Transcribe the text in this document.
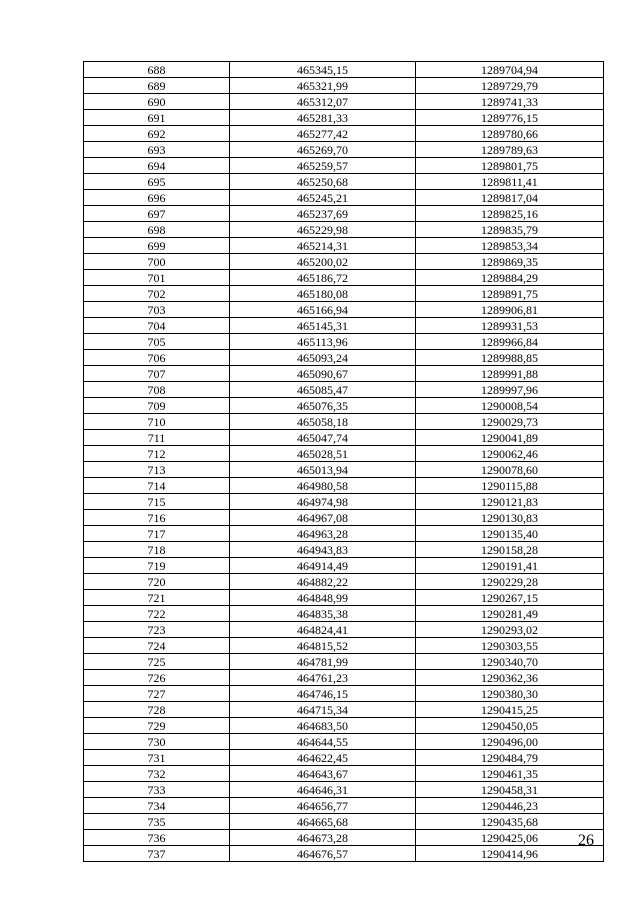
688	465345,15	1289704,94
689	465321,99	1289729,79
690	465312,07	1289741,33
691	465281,33	1289776,15
692	465277,42	1289780,66
693	465269,70	1289789,63
694	465259,57	1289801,75
695	465250,68	1289811,41
696	465245,21	1289817,04
697	465237,69	1289825,16
698	465229,98	1289835,79
699	465214,31	1289853,34
700	465200,02	1289869,35
701	465186,72	1289884,29
702	465180,08	1289891,75
703	465166,94	1289906,81
704	465145,31	1289931,53
705	465113,96	1289966,84
706	465093,24	1289988,85
707	465090,67	1289991,88
708	465085,47	1289997,96
709	465076,35	1290008,54
710	465058,18	1290029,73
711	465047,74	1290041,89
712	465028,51	1290062,46
713	465013,94	1290078,60
714	464980,58	1290115,88
715	464974,98	1290121,83
716	464967,08	1290130,83
717	464963,28	1290135,40
718	464943,83	1290158,28
719	464914,49	1290191,41
720	464882,22	1290229,28
721	464848,99	1290267,15
722	464835,38	1290281,49
723	464824,41	1290293,02
724	464815,52	1290303,55
725	464781,99	1290340,70
726	464761,23	1290362,36
727	464746,15	1290380,30
728	464715,34	1290415,25
729	464683,50	1290450,05
730	464644,55	1290496,00
731	464622,45	1290484,79
732	464643,67	1290461,35
733	464646,31	1290458,31
734	464656,77	1290446,23
735	464665,68	1290435,68
736	464673,28	1290425,06
737	464676,57	1290414,96
26
